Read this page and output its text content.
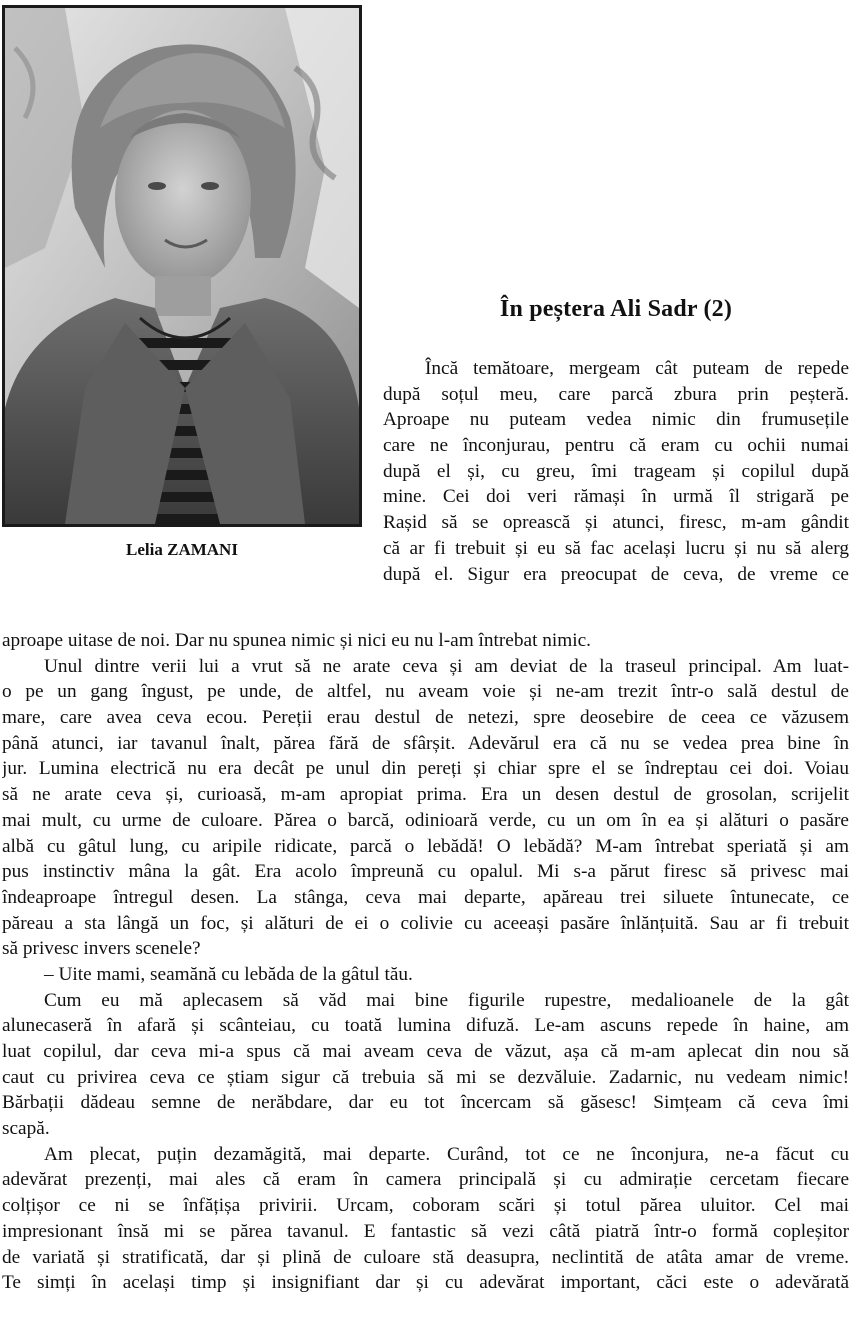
Lelia ZAMANI
În peștera Ali Sadr (2)
Încă temătoare, mergeam cât puteam de repede
după soțul meu, care parcă zbura prin peșteră.
Aproape nu puteam vedea nimic din frumusețile
care ne înconjurau, pentru că eram cu ochii numai
după el și, cu greu, îmi trageam și copilul după
mine. Cei doi veri rămași în urmă îl strigară pe
Rașid să se oprească și atunci, firesc, m-am gândit
că ar fi trebuit și eu să fac același lucru și nu să alerg
după el. Sigur era preocupat de ceva, de vreme ce
aproape uitase de noi. Dar nu spunea nimic și nici eu nu l-am întrebat nimic.
Unul dintre verii lui a vrut să ne arate ceva și am deviat de la traseul principal. Am luat-
o pe un gang îngust, pe unde, de altfel, nu aveam voie și ne-am trezit într-o sală destul de
mare, care avea ceva ecou. Pereții erau destul de netezi, spre deosebire de ceea ce văzusem
până atunci, iar tavanul înalt, părea fără de sfârșit. Adevărul era că nu se vedea prea bine în
jur. Lumina electrică nu era decât pe unul din pereți și chiar spre el se îndreptau cei doi. Voiau
să ne arate ceva și, curioasă, m-am apropiat prima. Era un desen destul de grosolan, scrijelit
mai mult, cu urme de culoare. Părea o barcă, odinioară verde, cu un om în ea și alături o pasăre
albă cu gâtul lung, cu aripile ridicate, parcă o lebădă! O lebădă? M-am întrebat speriată și am
pus instinctiv mâna la gât. Era acolo împreună cu opalul. Mi s-a părut firesc să privesc mai
îndeaproape întregul desen. La stânga, ceva mai departe, apăreau trei siluete întunecate, ce
păreau a sta lângă un foc, și alături de ei o colivie cu aceeași pasăre înlănțuită. Sau ar fi trebuit
să privesc invers scenele?
– Uite mami, seamănă cu lebăda de la gâtul tău.
Cum eu mă aplecasem să văd mai bine figurile rupestre, medalioanele de la gât
alunecaseră în afară și scânteiau, cu toată lumina difuză. Le-am ascuns repede în haine, am
luat copilul, dar ceva mi-a spus că mai aveam ceva de văzut, așa că m-am aplecat din nou să
caut cu privirea ceva ce știam sigur că trebuia să mi se dezvăluie. Zadarnic, nu vedeam nimic!
Bărbații dădeau semne de nerăbdare, dar eu tot încercam să găsesc! Simțeam că ceva îmi
scapă.
Am plecat, puțin dezamăgită, mai departe. Curând, tot ce ne înconjura, ne-a făcut cu
adevărat prezenți, mai ales că eram în camera principală și cu admirație cercetam fiecare
colțișor ce ni se înfățișa privirii. Urcam, coboram scări și totul părea uluitor. Cel mai
impresionant însă mi se părea tavanul. E fantastic să vezi câtă piatră într-o formă copleșitor
de variată și stratificată, dar și plină de culoare stă deasupra, neclintită de atâta amar de vreme.
Te simți în același timp și insignifiant dar și cu adevărat important, căci este o adevărată
